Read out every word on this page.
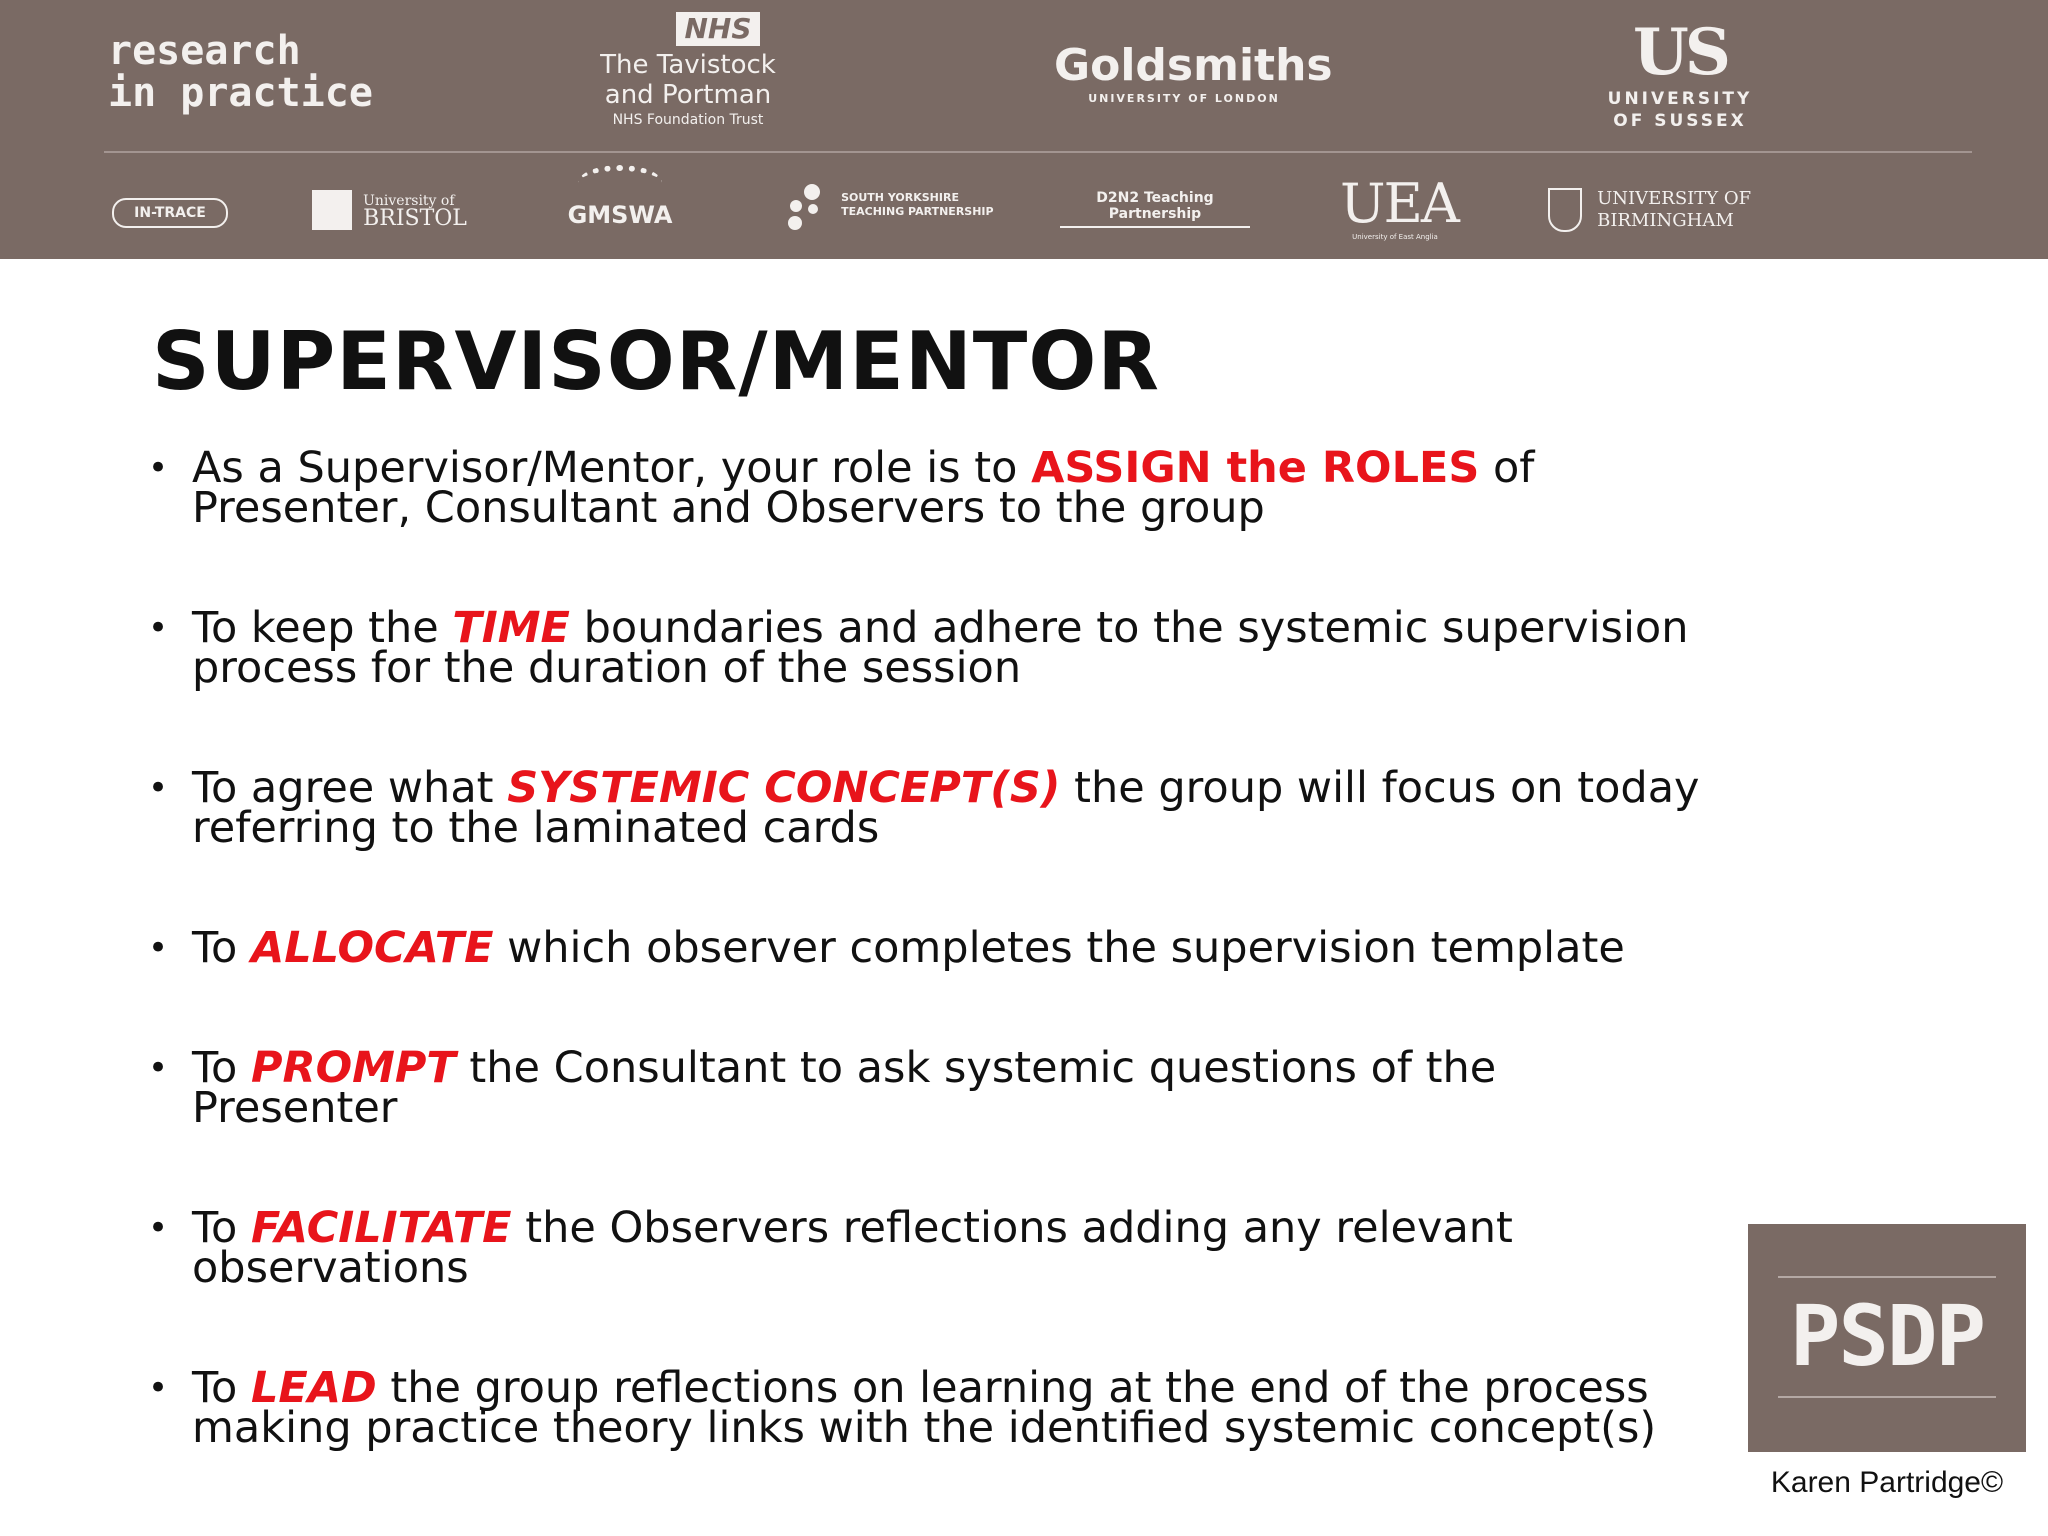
research
in practice
NHS
The Tavistock
and Portman
NHS Foundation Trust
Goldsmiths
UNIVERSITY OF LONDON
US
UNIVERSITY
OF SUSSEX
IN-TRACE

University of
BRISTOL	GMSWA

SOUTH YORKSHIRE
TEACHING PARTNERSHIP
D2N2 Teaching Partnership	UEA
University of East Anglia

UNIVERSITY OF
BIRMINGHAM
SUPERVISOR/MENTOR
• As a Supervisor/Mentor, your role is to ASSIGN the ROLES of Presenter, Consultant and Observers to the group
• To keep the TIME boundaries and adhere to the systemic supervision process for the duration of the session
• To agree what SYSTEMIC CONCEPT(S) the group will focus on today referring to the laminated cards
• To ALLOCATE which observer completes the supervision template
• To PROMPT the Consultant to ask systemic questions of the Presenter
• To FACILITATE the Observers reflections adding any relevant observations
• To LEAD the group reflections on learning at the end of the process making practice theory links with the identified systemic concept(s)
PSDP
Karen Partridge©
